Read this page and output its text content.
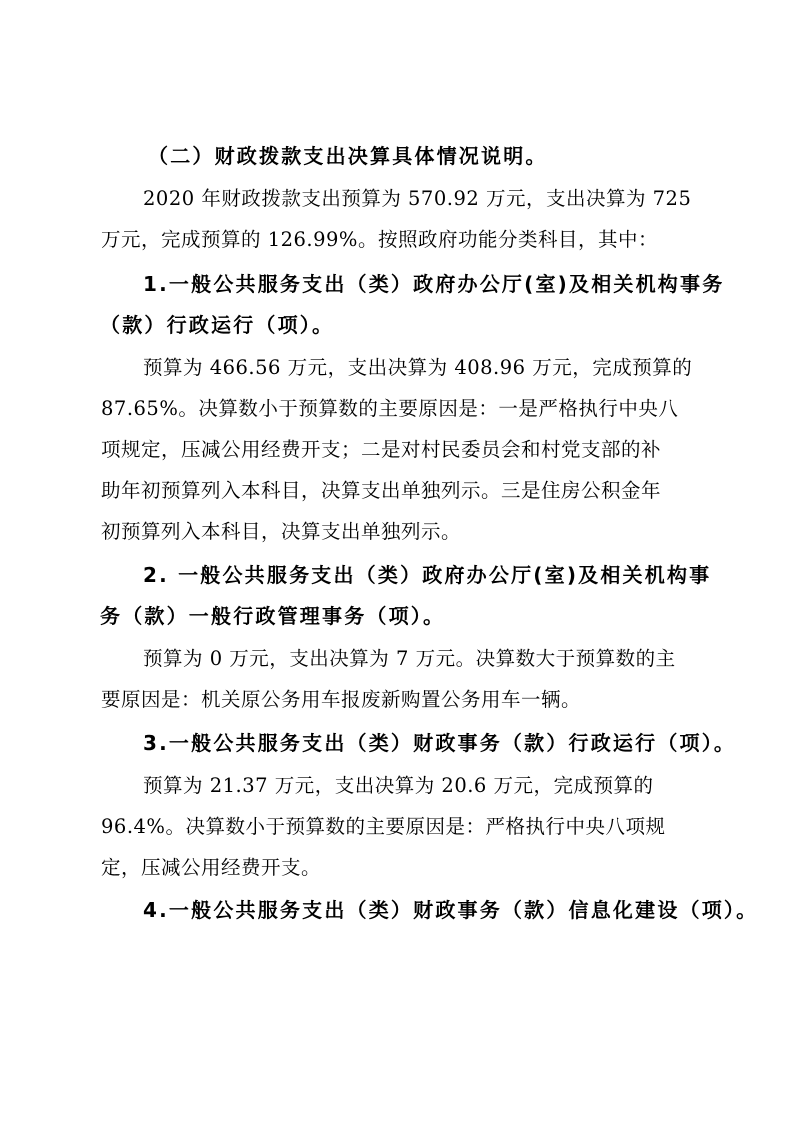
（二）财政拨款支出决算具体情况说明。
2020 年财政拨款支出预算为 570.92 万元，支出决算为 725
万元，完成预算的 126.99%。按照政府功能分类科目，其中：
1.一般公共服务支出（类）政府办公厅(室)及相关机构事务
（款）行政运行（项）。
预算为 466.56 万元，支出决算为 408.96 万元，完成预算的
87.65%。决算数小于预算数的主要原因是：一是严格执行中央八
项规定，压减公用经费开支；二是对村民委员会和村党支部的补
助年初预算列入本科目，决算支出单独列示。三是住房公积金年
初预算列入本科目，决算支出单独列示。
2. 一般公共服务支出（类）政府办公厅(室)及相关机构事
务（款）一般行政管理事务（项）。
预算为 0 万元，支出决算为 7 万元。决算数大于预算数的主
要原因是：机关原公务用车报废新购置公务用车一辆。
3.一般公共服务支出（类）财政事务（款）行政运行（项）。
预算为 21.37 万元，支出决算为 20.6 万元，完成预算的
96.4%。决算数小于预算数的主要原因是：严格执行中央八项规
定，压减公用经费开支。
4.一般公共服务支出（类）财政事务（款）信息化建设（项）。
